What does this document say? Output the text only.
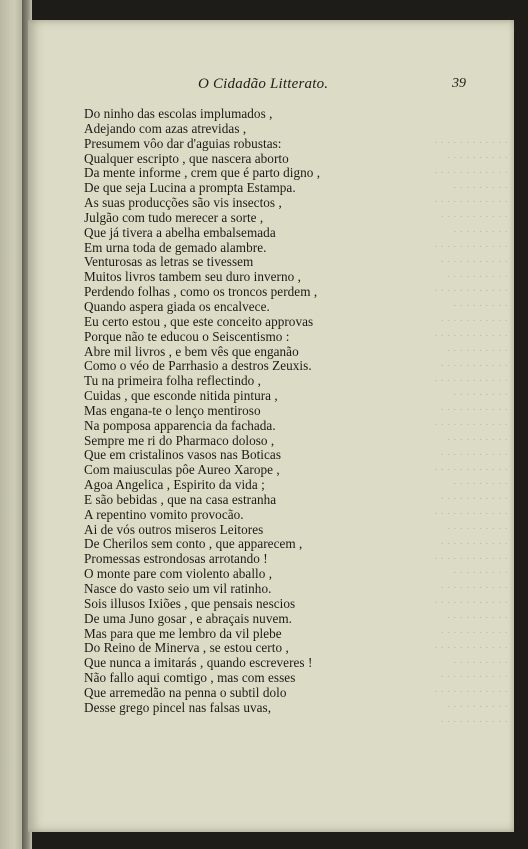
· · · · · · · · · · · ·
· · · · · · · · · ·
· · · · · · · · · · · ·
· · · · · · · · ·
· · · · · · · · · · · ·
· · · · · · · · · · ·
· · · · · · · · ·
· · · · · · · · · · · ·
· · · · · · · · · · ·
· · · · · · · · · ·
· · · · · · · · · · · ·
· · · · · · · · ·
· · · · · · · · · · ·
· · · · · · · · · · · ·
· · · · · · · · · ·
· · · · · · · · · · ·
· · · · · · · · · · · ·
· · · · · · · · ·
· · · · · · · · · · ·
· · · · · · · · · · · ·
· · · · · · · · · ·
· · · · · · · · · · ·
· · · · · · · · · · · ·
· · · · · · · · ·
· · · · · · · · · · ·
· · · · · · · · · · · ·
· · · · · · · · · ·
· · · · · · · · · · ·
· · · · · · · · · · · ·
· · · · · · · · ·
· · · · · · · · · · ·
· · · · · · · · · · · ·
· · · · · · · · · ·
· · · · · · · · · · ·
· · · · · · · · · · · ·
· · · · · · · · ·
· · · · · · · · · · ·
· · · · · · · · · · · ·
· · · · · · · · · ·
· · · · · · · · · · ·
O Cidadão Litterato.	39
Do ninho das escolas implumados ,
Adejando com azas atrevidas ,
Presumem vôo dar d'aguias robustas:
Qualquer escripto , que nascera aborto
Da mente informe , crem que é parto digno ,
De que seja Lucina a prompta Estampa.
As suas producções são vis insectos ,
Julgão com tudo merecer a sorte ,
Que já tivera a abelha embalsemada
Em urna toda de gemado alambre.
Venturosas as letras se tivessem
Muitos livros tambem seu duro inverno ,
Perdendo folhas , como os troncos perdem ,
Quando aspera giada os encalvece.
Eu certo estou , que este conceito approvas
Porque não te educou o Seiscentismo :
Abre mil livros , e bem vês que enganão
Como o véo de Parrhasio a destros Zeuxis.
Tu na primeira folha reflectindo ,
Cuidas , que esconde nitida pintura ,
Mas engana-te o lenço mentiroso
Na pomposa apparencia da fachada.
Sempre me ri do Pharmaco doloso ,
Que em cristalinos vasos nas Boticas
Com maiusculas pôe Aureo Xarope ,
Agoa Angelica , Espirito da vida ;
E são bebidas , que na casa estranha
A repentino vomito provocão.
Ai de vós outros miseros Leitores
De Cherilos sem conto , que apparecem ,
Promessas estrondosas arrotando !
O monte pare com violento aballo ,
Nasce do vasto seio um vil ratinho.
Sois illusos Ixiões , que pensais nescios
De uma Juno gosar , e abraçais nuvem.
Mas para que me lembro da vil plebe
Do Reino de Minerva , se estou certo ,
Que nunca a imitarás , quando escreveres !
Não fallo aqui comtigo , mas com esses
Que arremedão na penna o subtil dolo
Desse grego pincel nas falsas uvas,
